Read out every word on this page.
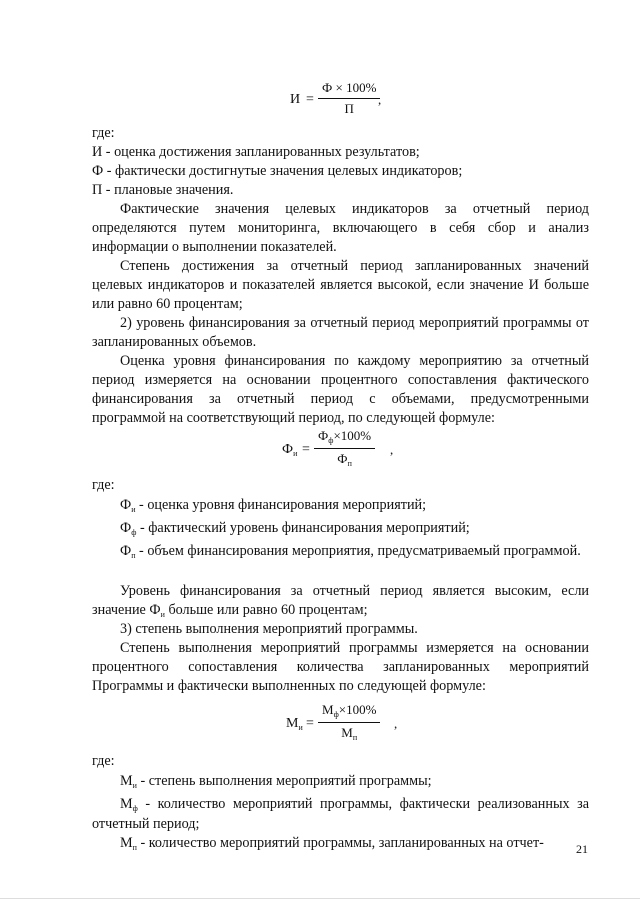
И =
Ф × 100%
П
,
где:
И - оценка достижения запланированных результатов;
Ф - фактически достигнутые значения целевых индикаторов;
П - плановые значения.
Фактические значения целевых индикаторов за отчетный период определяются путем мониторинга, включающего в себя сбор и анализ информации о выполнении показателей.
Степень достижения за отчетный период запланированных значений целевых индикаторов и показателей является высокой, если значение И больше или равно 60 процентам;
2) уровень финансирования за отчетный период мероприятий программы от запланированных объемов.
Оценка уровня финансирования по каждому мероприятию за отчетный период измеряется на основании процентного сопоставления фактического финансирования за отчетный период с объемами, предусмотренными программой на соответствующий период, по следующей формуле:
$Ф_и$ =
$Ф_ф\times 100\%$
$Ф_п$
,
где:
$Ф_и$ - оценка уровня финансирования мероприятий;
$Ф_ф$ - фактический уровень финансирования мероприятий;
$Ф_п$ - объем финансирования мероприятия, предусматриваемый программой.
Уровень финансирования за отчетный период является высоким, если значение $Ф_и$ больше или равно 60 процентам;
3) степень выполнения мероприятий программы.
Степень выполнения мероприятий программы измеряется на основании процентного сопоставления количества запланированных мероприятий Программы и фактически выполненных по следующей формуле:
$М_и$ =
$М_ф\times 100\%$
$М_п$
,
где:
$М_и$ - степень выполнения мероприятий программы;
$М_ф$ - количество мероприятий программы, фактически реализованных за отчетный период;
$М_п$ - количество мероприятий программы, запланированных на отчет-	21
